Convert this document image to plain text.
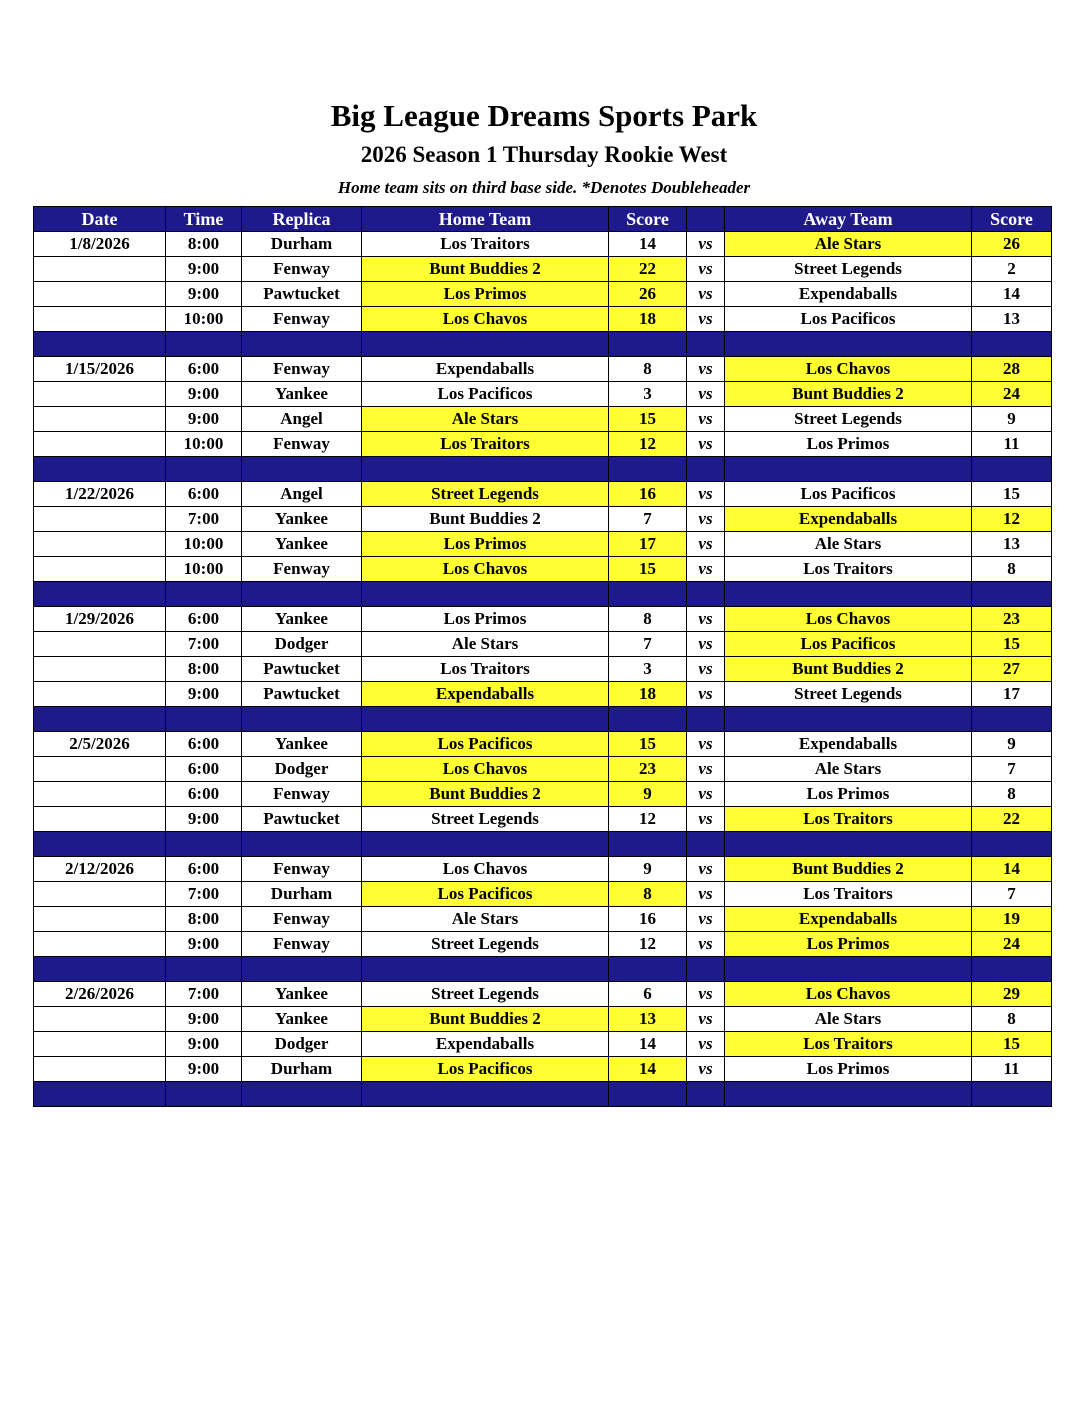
Big League Dreams Sports Park
2026 Season 1 Thursday Rookie West
Home team sits on third base side. *Denotes Doubleheader
Date	Time	Replica	Home Team	Score		Away Team	Score
1/8/2026	8:00	Durham	Los Traitors	14	vs	Ale Stars	26
	9:00	Fenway	Bunt Buddies 2	22	vs	Street Legends	2
	9:00	Pawtucket	Los Primos	26	vs	Expendaballs	14
	10:00	Fenway	Los Chavos	18	vs	Los Pacificos	13

1/15/2026	6:00	Fenway	Expendaballs	8	vs	Los Chavos	28
	9:00	Yankee	Los Pacificos	3	vs	Bunt Buddies 2	24
	9:00	Angel	Ale Stars	15	vs	Street Legends	9
	10:00	Fenway	Los Traitors	12	vs	Los Primos	11

1/22/2026	6:00	Angel	Street Legends	16	vs	Los Pacificos	15
	7:00	Yankee	Bunt Buddies 2	7	vs	Expendaballs	12
	10:00	Yankee	Los Primos	17	vs	Ale Stars	13
	10:00	Fenway	Los Chavos	15	vs	Los Traitors	8

1/29/2026	6:00	Yankee	Los Primos	8	vs	Los Chavos	23
	7:00	Dodger	Ale Stars	7	vs	Los Pacificos	15
	8:00	Pawtucket	Los Traitors	3	vs	Bunt Buddies 2	27
	9:00	Pawtucket	Expendaballs	18	vs	Street Legends	17

2/5/2026	6:00	Yankee	Los Pacificos	15	vs	Expendaballs	9
	6:00	Dodger	Los Chavos	23	vs	Ale Stars	7
	6:00	Fenway	Bunt Buddies 2	9	vs	Los Primos	8
	9:00	Pawtucket	Street Legends	12	vs	Los Traitors	22

2/12/2026	6:00	Fenway	Los Chavos	9	vs	Bunt Buddies 2	14
	7:00	Durham	Los Pacificos	8	vs	Los Traitors	7
	8:00	Fenway	Ale Stars	16	vs	Expendaballs	19
	9:00	Fenway	Street Legends	12	vs	Los Primos	24

2/26/2026	7:00	Yankee	Street Legends	6	vs	Los Chavos	29
	9:00	Yankee	Bunt Buddies 2	13	vs	Ale Stars	8
	9:00	Dodger	Expendaballs	14	vs	Los Traitors	15
	9:00	Durham	Los Pacificos	14	vs	Los Primos	11
